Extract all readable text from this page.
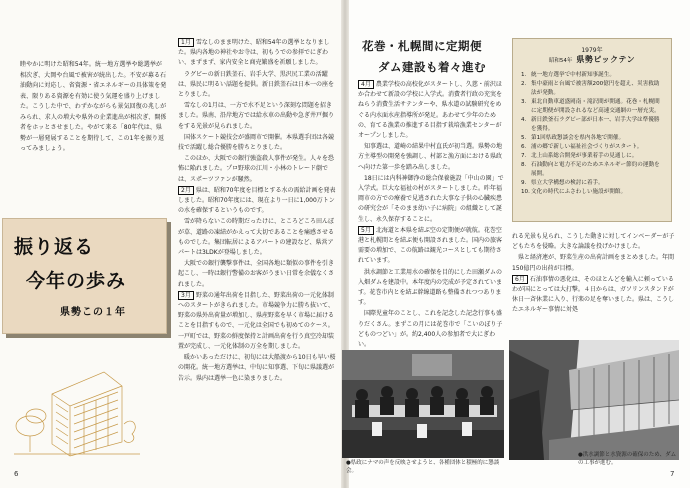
睦やかに明けた昭和54年。統一地方選挙や総選挙が相次ぎ、大岡や台風で被害が続出した。不安が募る石油動向に対応し、省資源・省エネルギーの具体策を発表、限りある資源を有効に使う気運を盛り上げました。こうした中で、わずかながらも景気回復の兆しがみられ、求人の増大や県外の企業進出が相次ぎ、開係者をホッとさせました。やがて来る「80年代は、県勢が一層発展することを期待して、この1年を振り返ってみましょう。

振り返る
今年の歩み
県勢この１年

1月 雪なしのまま明けた、昭和54年の選挙となりました。県内各地の神社やお寺は、初もうでの参拝でにぎわい、まずまず、家内安全と商売繁盛を祈願しました。

ラグビーの新日鉄釜石、岩手大学、黒沢尻工業の活躍は、県民に明るい話題を提供。新日鉄釜石は日本一の座をとりました。

雪なしの1月は、一方で水不足という深刻な問題を招きました。県南、沿岸地方では給水車の出動や急ぎ井戸掘りをする光景が見られました。

国体スケート競技会が盛岡市で開催。本県選手団は各競技で活躍し総合優勝を勝ちとりました。

このほか、大阪での銀行強盗殺人事件が発生。人々を恐怖に陥れました。プロ野球の江川・小林のトレード劇では、スポーツファンが騒然。

2月 県は、昭和70年度を目標とする水の需給計画を発表しました。昭和70年度には、現在より一日に1,000万トンの水を確保するというものです。

雪が降らないこの時期だったけに、ところどころ田んぼが草、道路の凍結がかえって大切であることを痛感させるものでした。集団転居によるアパートの建設など、県営アパートは3LDKが登場しました。

大阪での銀行襲撃事件は、全国各地に類似の事件を引き起こし、一時は銀行警備のお客がうまい日常を余儀なくされました。

3月 野菜の通年出荷を目指した、野菜出荷の一元化体制へのスタートがきられました。市場競争力に勝ち抜いて、野菜の県外出荷量が増加し、県産野菜を早く市場に届けることを目指すもので、一元化は全国でも初めてのケース。一戸町では、野菜の鮮度保持と計画出荷を行う真空冷却装置が完成し、一元化体制の万全を期しました。

暖かいあっただけに、初旬には大船渡から10日も早い桜の開花。統一地方選挙は、中旬に知事選、下旬に県議選が告示。県内は選挙一色に染まりました。

6
花巻・札幌間に定期便
ダム建設も着々進む

4月 農業学校の高校化がスタートし、久慈・前沢ほか合わせて新設の学校に入学式。消費者行政の充実をねらう消費生活サテンターや、県水道の試験研究をめぐる内水面水産指導所が発足。あわせて少年のための、育てる漁業の推進する目指す栽培漁業センターがオープンしました。

知事選は、道崎の結果中村直氏が初当選。県勢の地方主導型の開発を強調し、村部と漁方面における県政へ向けた第一歩を踏み出しました。

18日には内科神御浄の総合保養施設「中山の園」で入学式。巨大な福祉の村がスタートしました。昨年福岡市の方での療養で見逃された大事な子供の心臓疾患の研究会が「そのまま幼い子に病院」の組織として誕生し、永久保存することに。

5月 北海道と本県を結ぶ空の定期便が就航。花巻空港と札幌間とを結ぶ便も開設されました。国内の旅客需要の増加で、この航路は観光コースとしても期待されています。

洪水調節と工業用水の確保を目的にした田瀬ダムの入畑ダムを建設中。本年度内の完成が予定されています。花巻市内とを結ぶ幹線道路も整備されつつあります。

国際児童年のことし、これを記念した記念行事も盛りだくさん。まずこの月には花巻市で「こいのぼり子どものつどい」が。約2,400人の参加者で大にぎわい。

1979年
昭和54年 県勢ピックテン
1. 統一地方選挙で中村新知事誕生。
2. 集中豪雨と台風で被害額200億円を超え、災害救助法が発動。
3. 東北自動車道盛岡南・滝沢間が開通。花巻・札幌間に定期便が開設されるなど高速交通網の一層充実。
4. 新日鉄釜石ラグビー部が日本一、岩手大学は準優勝を獲得。
5. 第1回県政懇談会を県内各地で開催。
6. 浦の郷で新しい福祉社会づくりがスタート。
7. 北上山系総合開発が事業着手の見通しに。
8. 石油動向と電力不足のためエネルギー節約の運動を展開。
9. 県立大学構想の検討に着手。
10. 文化の時代にふさわしい施設が開館。

れる光景も見られ、こうした動きに対してインベーダーが子どもたちを侵略。大きな論議を投げかけました。

県と経済連が、野菜生産の出荷計画をまとめました。年間150億円の出荷が目標。

6月 石油事情の悪化は、そのほとんどを輸入に頼っているわが国にとっては大打撃。４日からは、ガソリンスタンドが休日一斉休業に入り、行楽の足を奪いました。県は、こうしたエネルギー事情に対処

●県政にナマの声を反映させようと、各種団体と積極的に懇談会。
●洪水調節と水資源の確保のため、ダムの工事が進む。
7
